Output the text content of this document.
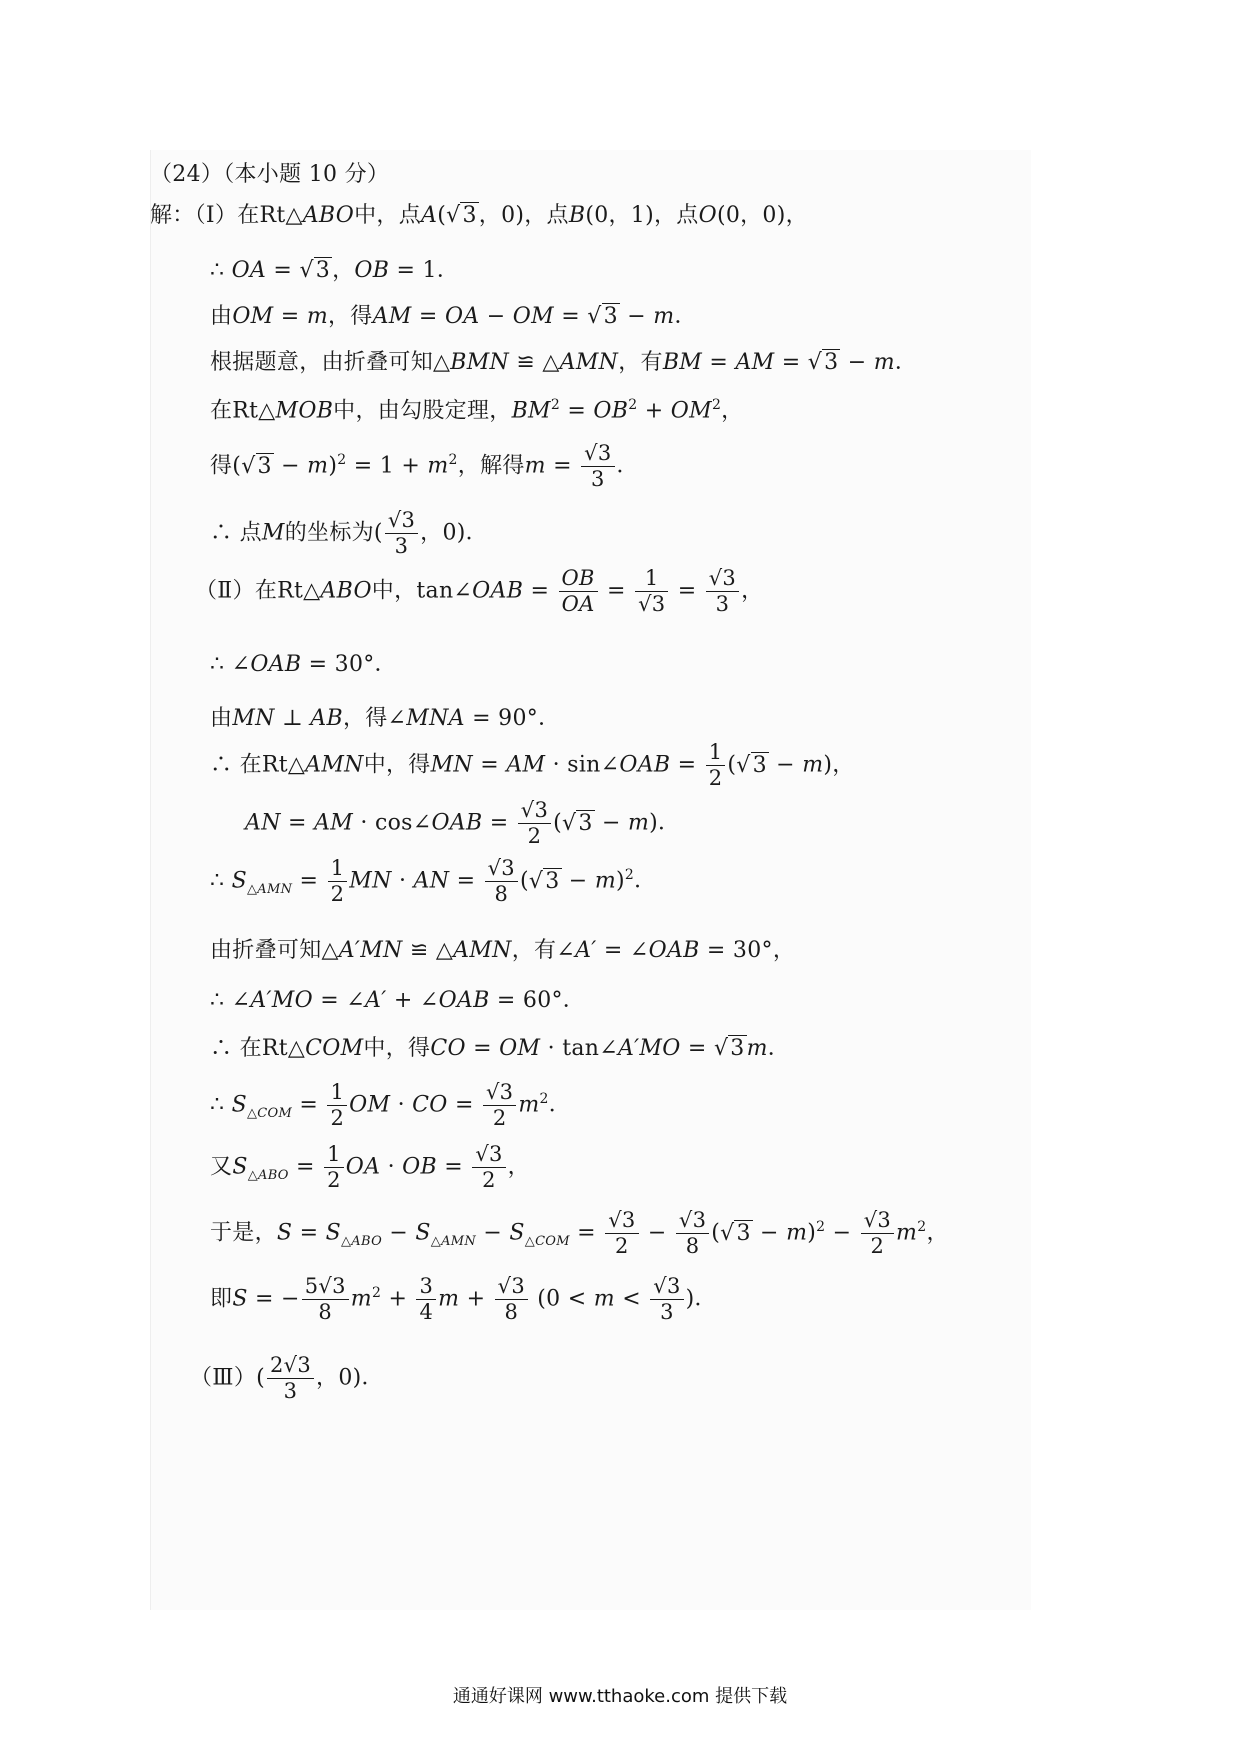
（24）（本小题 10 分）
解：（Ⅰ）在Rt△ABO中，点A(√3，0)，点B(0，1)，点O(0，0)，
∴ OA = √3，OB = 1．
由OM = m，得AM = OA − OM = √3 − m．
根据题意，由折叠可知△BMN ≌ △AMN，有BM = AM = √3 − m．
在Rt△MOB中，由勾股定理，$BM^2 = OB^2 + OM^2$，
得$(√3 - m)^2 = 1 + m^2$，解得$m = \frac{√3}{3}$ ．
∴ 点M的坐标为( $\frac{√3}{3}$ ，0)．
（Ⅱ）在Rt△ABO中，tan∠OAB = $\frac{OB}{OA} = \frac{1}{√3} = \frac{√3}{3}$ ，
∴ ∠OAB = 30°．
由MN ⊥ AB，得∠MNA = 90°．
∴ 在Rt△AMN中，得MN = AM · sin∠OAB = $\frac{1}{2} (√3 - m)$，
AN = AM · cos∠OAB = $\frac{√3}{2} (√3 - m)$．
∴ $S_{\triangle AMN} = \frac{1}{2}$ MN · AN = $\frac{√3}{8} (√3 - m)^2$．
由折叠可知△A′MN ≌ △AMN，有∠A′ = ∠OAB = 30°，
∴ ∠A′MO = ∠A′ + ∠OAB = 60°．
∴ 在Rt△COM中，得CO = OM · tan∠A′MO = √3m．
∴ $S_{\triangle COM} = \frac{1}{2}$ OM · CO = $\frac{√3}{2} m^2$．
又$S_{\triangle ABO} = \frac{1}{2}$ OA · OB = $\frac{√3}{2}$ ，
于是，$S = S_{\triangle ABO} - S_{\triangle AMN} - S_{\triangle COM} = \frac{√3}{2} - \frac{√3}{8} (√3 - m)^2 - \frac{√3}{2} m^2$，
即S = − $\frac{5√3}{8} m^2 + \frac{3}{4}$ $m + \frac{√3}{8} (0 < m < \frac{√3}{3}$ )．
（Ⅲ）( $\frac{2√3}{3}$ ，0)．
通通好课网 www.tthaoke.com 提供下载
